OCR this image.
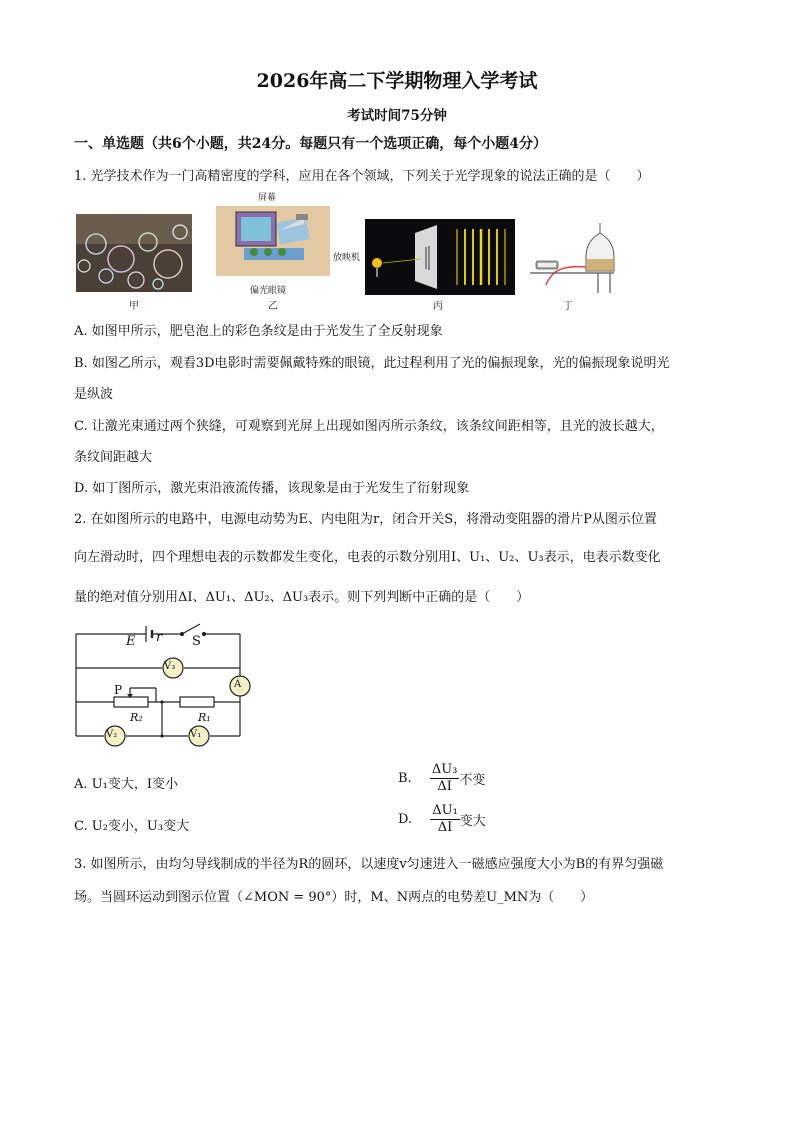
2026年高二下学期物理入学考试
考试时间75分钟
一、单选题（共6个小题，共24分。每题只有一个选项正确，每个小题4分）
1. 光学技术作为一门高精密度的学科，应用在各个领域，下列关于光学现象的说法正确的是（　　）
甲
屏幕
偏光眼镜
放映机
乙	丙	丁
A. 如图甲所示，肥皂泡上的彩色条纹是由于光发生了全反射现象
B. 如图乙所示，观看3D电影时需要佩戴特殊的眼镜，此过程利用了光的偏振现象，光的偏振现象说明光
是纵波
C. 让激光束通过两个狭缝，可观察到光屏上出现如图丙所示条纹，该条纹间距相等，且光的波长越大，
条纹间距越大
D. 如丁图所示，激光束沿液流传播，该现象是由于光发生了衍射现象
2. 在如图所示的电路中，电源电动势为E、内电阻为r，闭合开关S，将滑动变阻器的滑片P从图示位置
向左滑动时，四个理想电表的示数都发生变化，电表的示数分别用I、U₁、U₂、U₃表示，电表示数变化
量的绝对值分别用ΔI、ΔU₁、ΔU₂、ΔU₃表示。则下列判断中正确的是（　　）
E r S
P
R₂	R₁
V₃
A
V₂	V₁
A. U₁变大，I变小	B. $\frac{\text{ΔU₃}}{\Delta I}$ 不变
C. U₂变小，U₃变大	D. $\frac{\text{ΔU₁}}{\Delta I}$ 变大
3. 如图所示，由均匀导线制成的半径为R的圆环，以速度v匀速进入一磁感应强度大小为B的有界匀强磁
场。当圆环运动到图示位置（∠MON = 90°）时，M、N两点的电势差U_MN为（　　）
